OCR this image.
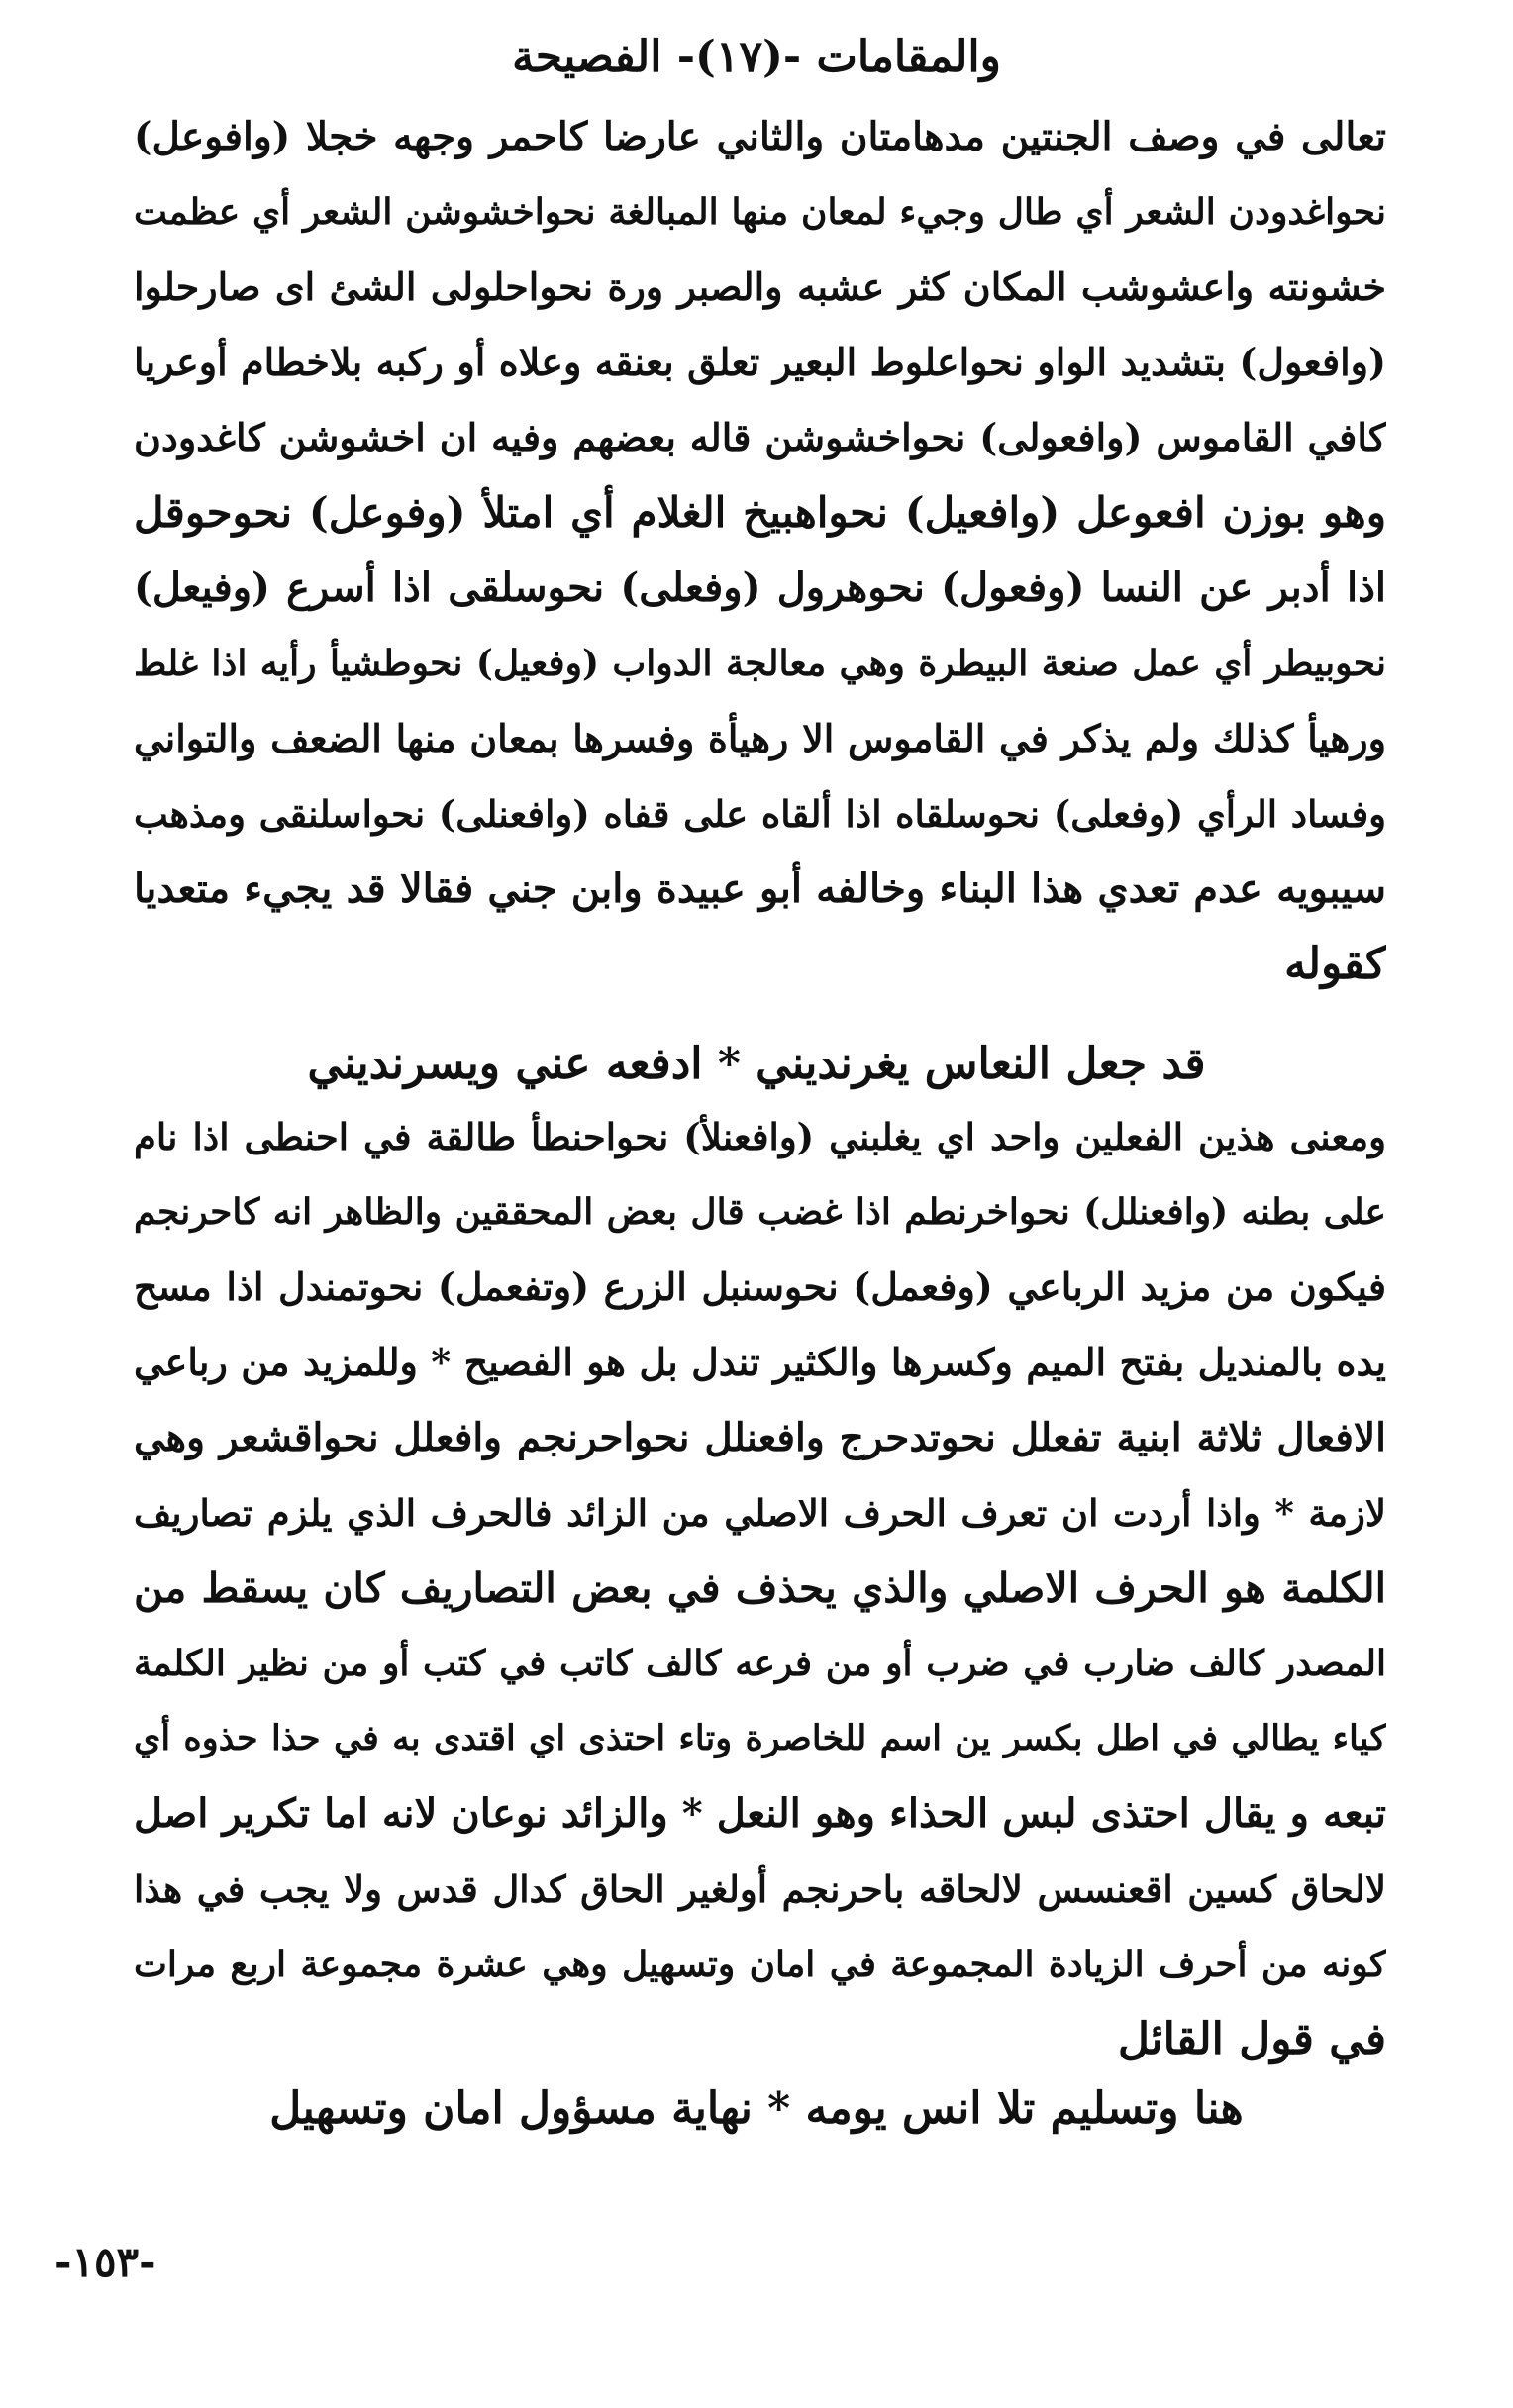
والمقامات -(١٧)- الفصيحة
تعالى في وصف الجنتين مدهامتان والثاني عارضا كاحمر وجهه خجلا (وافوعل)
نحواغدودن الشعر أي طال وجيء لمعان منها المبالغة نحواخشوشن الشعر أي عظمت
خشونته واعشوشب المكان كثر عشبه والصبر ورة نحواحلولى الشئ اى صارحلوا
(وافعول) بتشديد الواو نحواعلوط البعير تعلق بعنقه وعلاه أو ركبه بلاخطام أوعريا
كافي القاموس (وافعولى) نحواخشوشن قاله بعضهم وفيه ان اخشوشن كاغدودن
وهو بوزن افعوعل (وافعيل) نحواهبيخ الغلام أي امتلأ (وفوعل) نحوحوقل
اذا أدبر عن النسا (وفعول) نحوهرول (وفعلى) نحوسلقى اذا أسرع (وفيعل)
نحوبيطر أي عمل صنعة البيطرة وهي معالجة الدواب (وفعيل) نحوطشيأ رأيه اذا غلط
ورهيأ كذلك ولم يذكر في القاموس الا رهيأة وفسرها بمعان منها الضعف والتواني
وفساد الرأي (وفعلى) نحوسلقاه اذا ألقاه على قفاه (وافعنلى) نحواسلنقى ومذهب
سيبويه عدم تعدي هذا البناء وخالفه أبو عبيدة وابن جني فقالا قد يجيء متعديا
كقوله
قد جعل النعاس يغرنديني * ادفعه عني ويسرنديني
ومعنى هذين الفعلين واحد اي يغلبني (وافعنلأ) نحواحنطأ طالقة في احنطى اذا نام
على بطنه (وافعنلل) نحواخرنطم اذا غضب قال بعض المحققين والظاهر انه كاحرنجم
فيكون من مزيد الرباعي (وفعمل) نحوسنبل الزرع (وتفعمل) نحوتمندل اذا مسح
يده بالمنديل بفتح الميم وكسرها والكثير تندل بل هو الفصيح * وللمزيد من رباعي
الافعال ثلاثة ابنية تفعلل نحوتدحرج وافعنلل نحواحرنجم وافعلل نحواقشعر وهي
لازمة * واذا أردت ان تعرف الحرف الاصلي من الزائد فالحرف الذي يلزم تصاريف
الكلمة هو الحرف الاصلي والذي يحذف في بعض التصاريف كان يسقط من
المصدر كالف ضارب في ضرب أو من فرعه كالف كاتب في كتب أو من نظير الكلمة
كياء يطالي في اطل بكسر ين اسم للخاصرة وتاء احتذى اي اقتدى به في حذا حذوه أي
تبعه و يقال احتذى لبس الحذاء وهو النعل * والزائد نوعان لانه اما تكرير اصل
لالحاق كسين اقعنسس لالحاقه باحرنجم أولغير الحاق كدال قدس ولا يجب في هذا
كونه من أحرف الزيادة المجموعة في امان وتسهيل وهي عشرة مجموعة اربع مرات
في قول القائل
هنا وتسليم تلا انس يومه * نهاية مسؤول امان وتسهيل
-١٥٣-
